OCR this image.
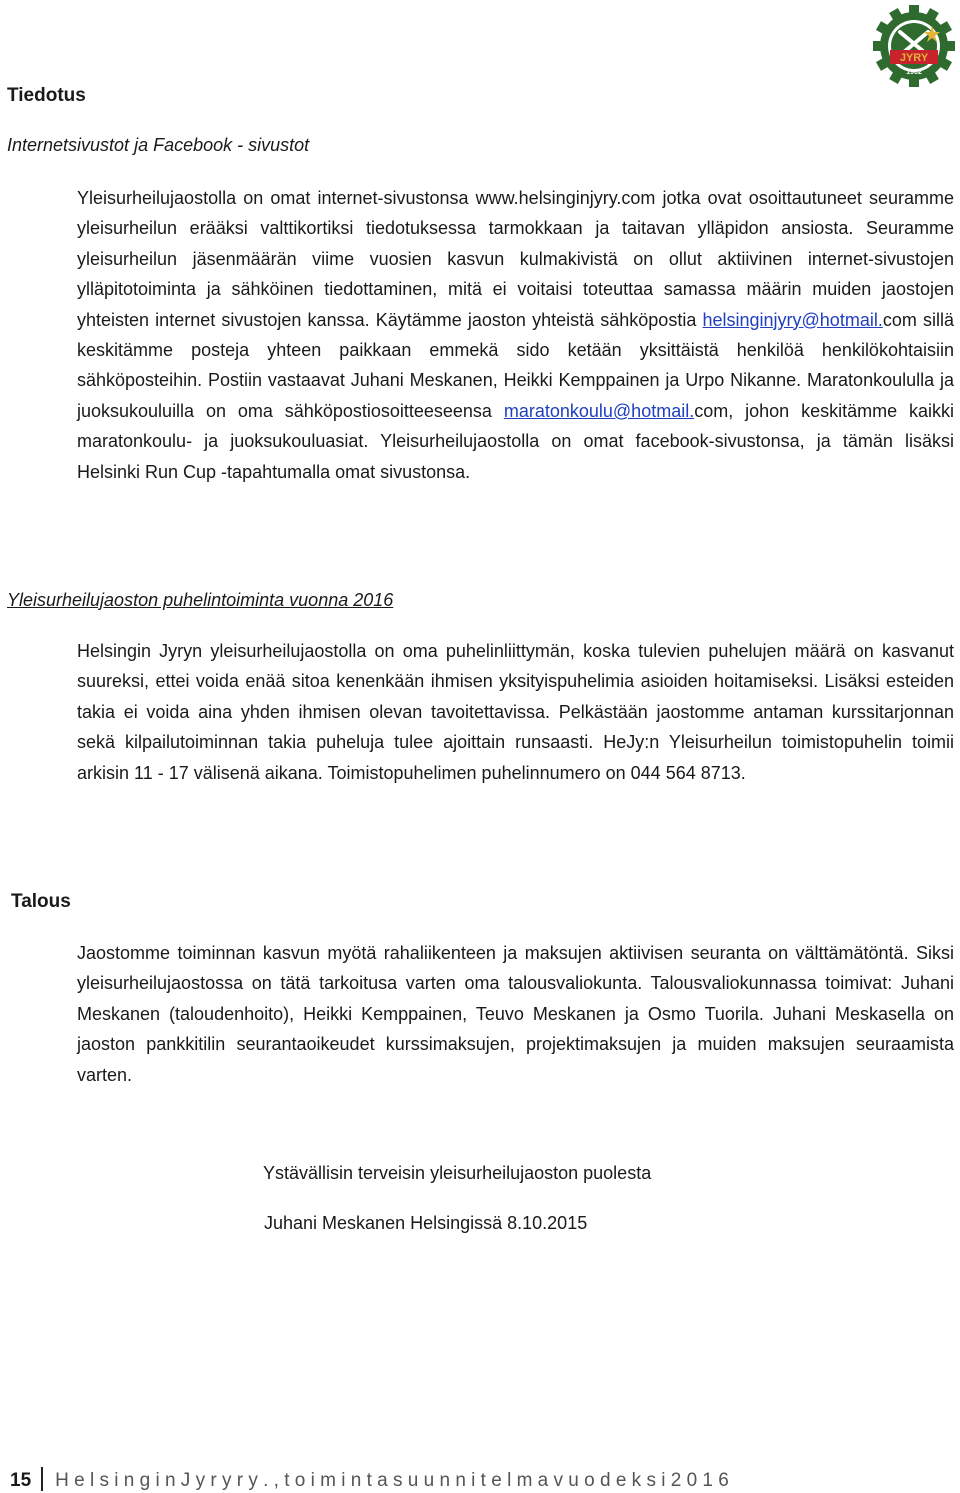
JYRY
1902
Tiedotus
Internetsivustot ja Facebook - sivustot

Yleisurheilujaostolla on omat internet-sivustonsa www.helsinginjyry.com jotka ovat osoittautuneet seuramme yleisurheilun erääksi valttikortiksi tiedotuksessa tarmokkaan ja taitavan ylläpidon ansiosta. Seuramme yleisurheilun jäsenmäärän viime vuosien kasvun kulmakivistä on ollut aktiivinen internet-sivustojen ylläpitotoiminta ja sähköinen tiedottaminen, mitä ei voitaisi toteuttaa samassa määrin muiden jaostojen yhteisten internet sivustojen kanssa. Käytämme jaoston yhteistä sähköpostia helsinginjyry@hotmail.com sillä keskitämme posteja yhteen paikkaan emmekä sido ketään yksittäistä henkilöä henkilökohtaisiin sähköposteihin. Postiin vastaavat Juhani Meskanen, Heikki Kemppainen ja Urpo Nikanne. Maratonkoululla ja juoksukouluilla on oma sähköpostiosoitteeseensa maratonkoulu@hotmail.com, johon keskitämme kaikki maratonkoulu- ja juoksukouluasiat. Yleisurheilujaostolla on omat facebook-sivustonsa, ja tämän lisäksi Helsinki Run Cup -tapahtumalla omat sivustonsa.

Yleisurheilujaoston puhelintoiminta vuonna 2016

Helsingin Jyryn yleisurheilujaostolla on oma puhelinliittymän, koska tulevien puhelujen määrä on kasvanut suureksi, ettei voida enää sitoa kenenkään ihmisen yksityispuhelimia asioiden hoitamiseksi. Lisäksi esteiden takia ei voida aina yhden ihmisen olevan tavoitettavissa. Pelkästään jaostomme antaman kurssitarjonnan sekä kilpailutoiminnan takia puheluja tulee ajoittain runsaasti. HeJy:n Yleisurheilun toimistopuhelin toimii arkisin 11 - 17 välisenä aikana. Toimistopuhelimen puhelinnumero on 044 564 8713.

Talous

Jaostomme toiminnan kasvun myötä rahaliikenteen ja maksujen aktiivisen seuranta on välttämätöntä. Siksi yleisurheilujaostossa on tätä tarkoitusa varten oma talousvaliokunta. Talousvaliokunnassa toimivat: Juhani Meskanen (taloudenhoito), Heikki Kemppainen, Teuvo Meskanen ja Osmo Tuorila. Juhani Meskasella on jaoston pankkitilin seurantaoikeudet kurssimaksujen, projektimaksujen ja muiden maksujen seuraamista varten.

Ystävällisin terveisin yleisurheilujaoston puolesta
Juhani Meskanen Helsingissä 8.10.2015
15 H e l s i n g i n J y r y r y . , t o i m i n t a s u u n n i t e l m a v u o d e k s i 2 0 1 6
